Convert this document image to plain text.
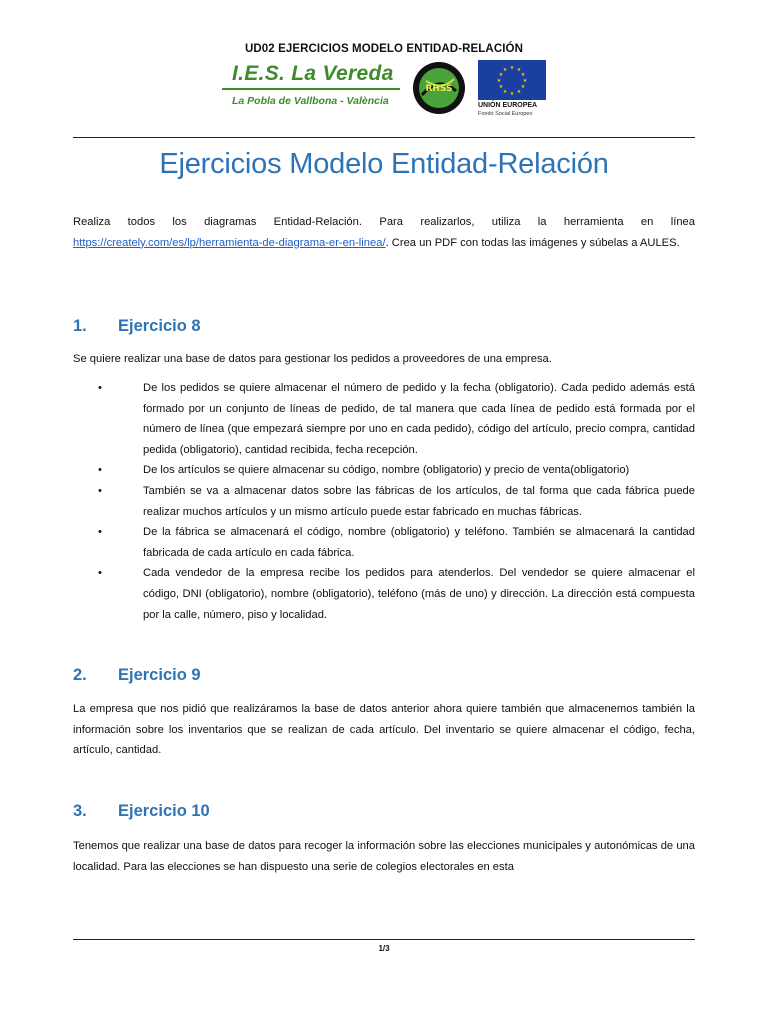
UD02 EJERCICIOS MODELO ENTIDAD-RELACIÓN
I.E.S. La Vereda
La Pobla de Vallbona - València
RHSS
★ ★
★
★
★
★
★
★
★
★
★
★
UNIÓN EUROPEA
Fondo Social Europeo
Ejercicios Modelo Entidad-Relación
Realiza todos los diagramas Entidad-Relación. Para realizarlos, utiliza la herramienta en línea https://creately.com/es/lp/herramienta-de-diagrama-er-en-linea/. Crea un PDF con todas las imágenes y súbelas a AULES.
1. Ejercicio 8
Se quiere realizar una base de datos para gestionar los pedidos a proveedores de una empresa.
•	De los pedidos se quiere almacenar el número de pedido y la fecha (obligatorio). Cada pedido además está formado por un conjunto de líneas de pedido, de tal manera que cada línea de pedido está formada por el número de línea (que empezará siempre por uno en cada pedido), código del artículo, precio compra, cantidad pedida (obligatorio), cantidad recibida, fecha recepción.
•	De los artículos se quiere almacenar su código, nombre (obligatorio) y precio de venta(obligatorio)
•	También se va a almacenar datos sobre las fábricas de los artículos, de tal forma que cada fábrica puede realizar muchos artículos y un mismo artículo puede estar fabricado en muchas fábricas.
•	De la fábrica se almacenará el código, nombre (obligatorio) y teléfono. También se almacenará la cantidad fabricada de cada artículo en cada fábrica.
•	Cada vendedor de la empresa recibe los pedidos para atenderlos. Del vendedor se quiere almacenar el código, DNI (obligatorio), nombre (obligatorio), teléfono (más de uno) y dirección. La dirección está compuesta por la calle, número, piso y localidad.
2. Ejercicio 9
La empresa que nos pidió que realizáramos la base de datos anterior ahora quiere también que almacenemos también la información sobre los inventarios que se realizan de cada artículo. Del inventario se quiere almacenar el código, fecha, artículo, cantidad.
3. Ejercicio 10
Tenemos que realizar una base de datos para recoger la información sobre las elecciones municipales y autonómicas de una localidad. Para las elecciones se han dispuesto una serie de colegios electorales en esta
1/3
